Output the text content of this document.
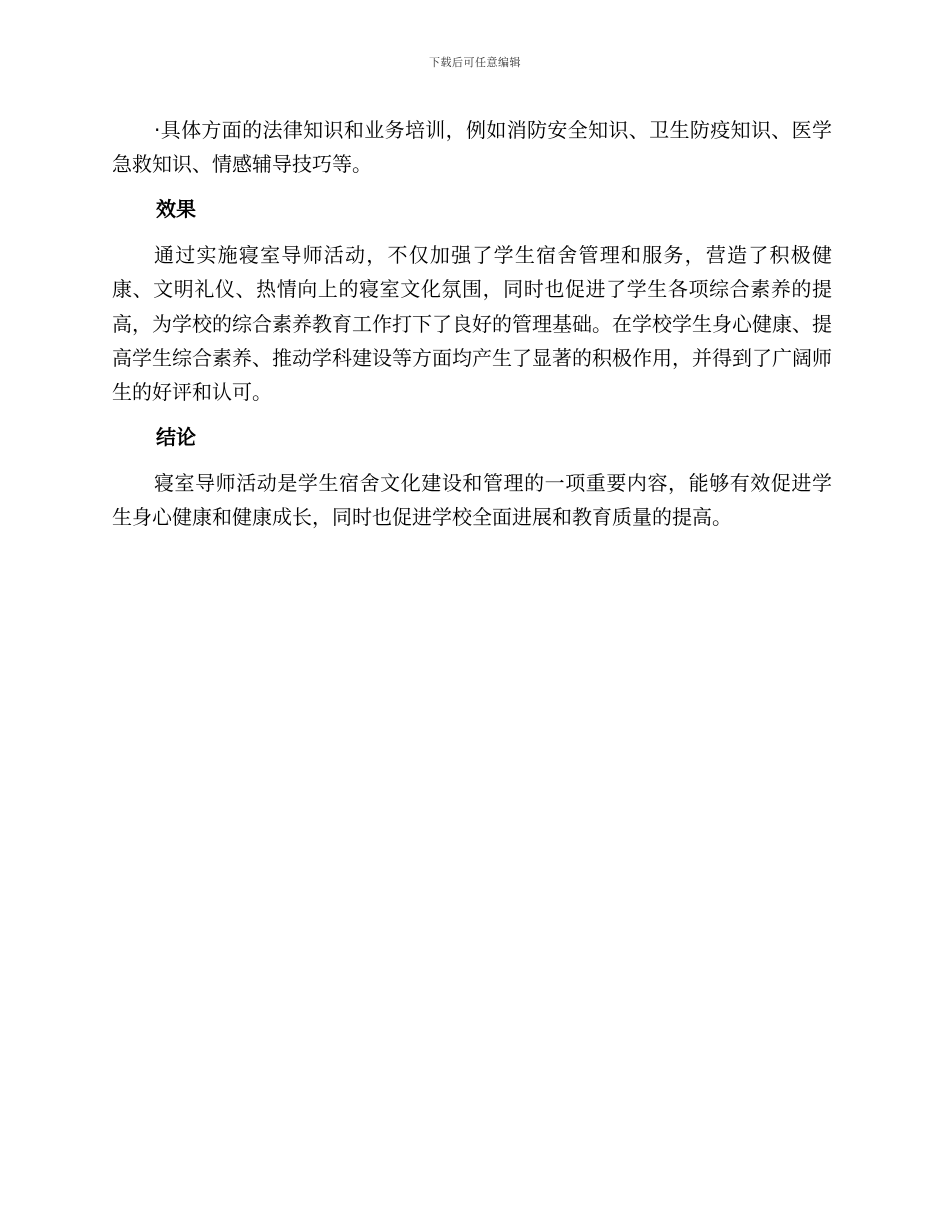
下载后可任意编辑

·具体方面的法律知识和业务培训，例如消防安全知识、卫生防疫知识、医学急救知识、情感辅导技巧等。

效果

通过实施寝室导师活动，不仅加强了学生宿舍管理和服务，营造了积极健康、文明礼仪、热情向上的寝室文化氛围，同时也促进了学生各项综合素养的提高，为学校的综合素养教育工作打下了良好的管理基础。在学校学生身心健康、提高学生综合素养、推动学科建设等方面均产生了显著的积极作用，并得到了广阔师生的好评和认可。

结论

寝室导师活动是学生宿舍文化建设和管理的一项重要内容，能够有效促进学生身心健康和健康成长，同时也促进学校全面进展和教育质量的提高。
